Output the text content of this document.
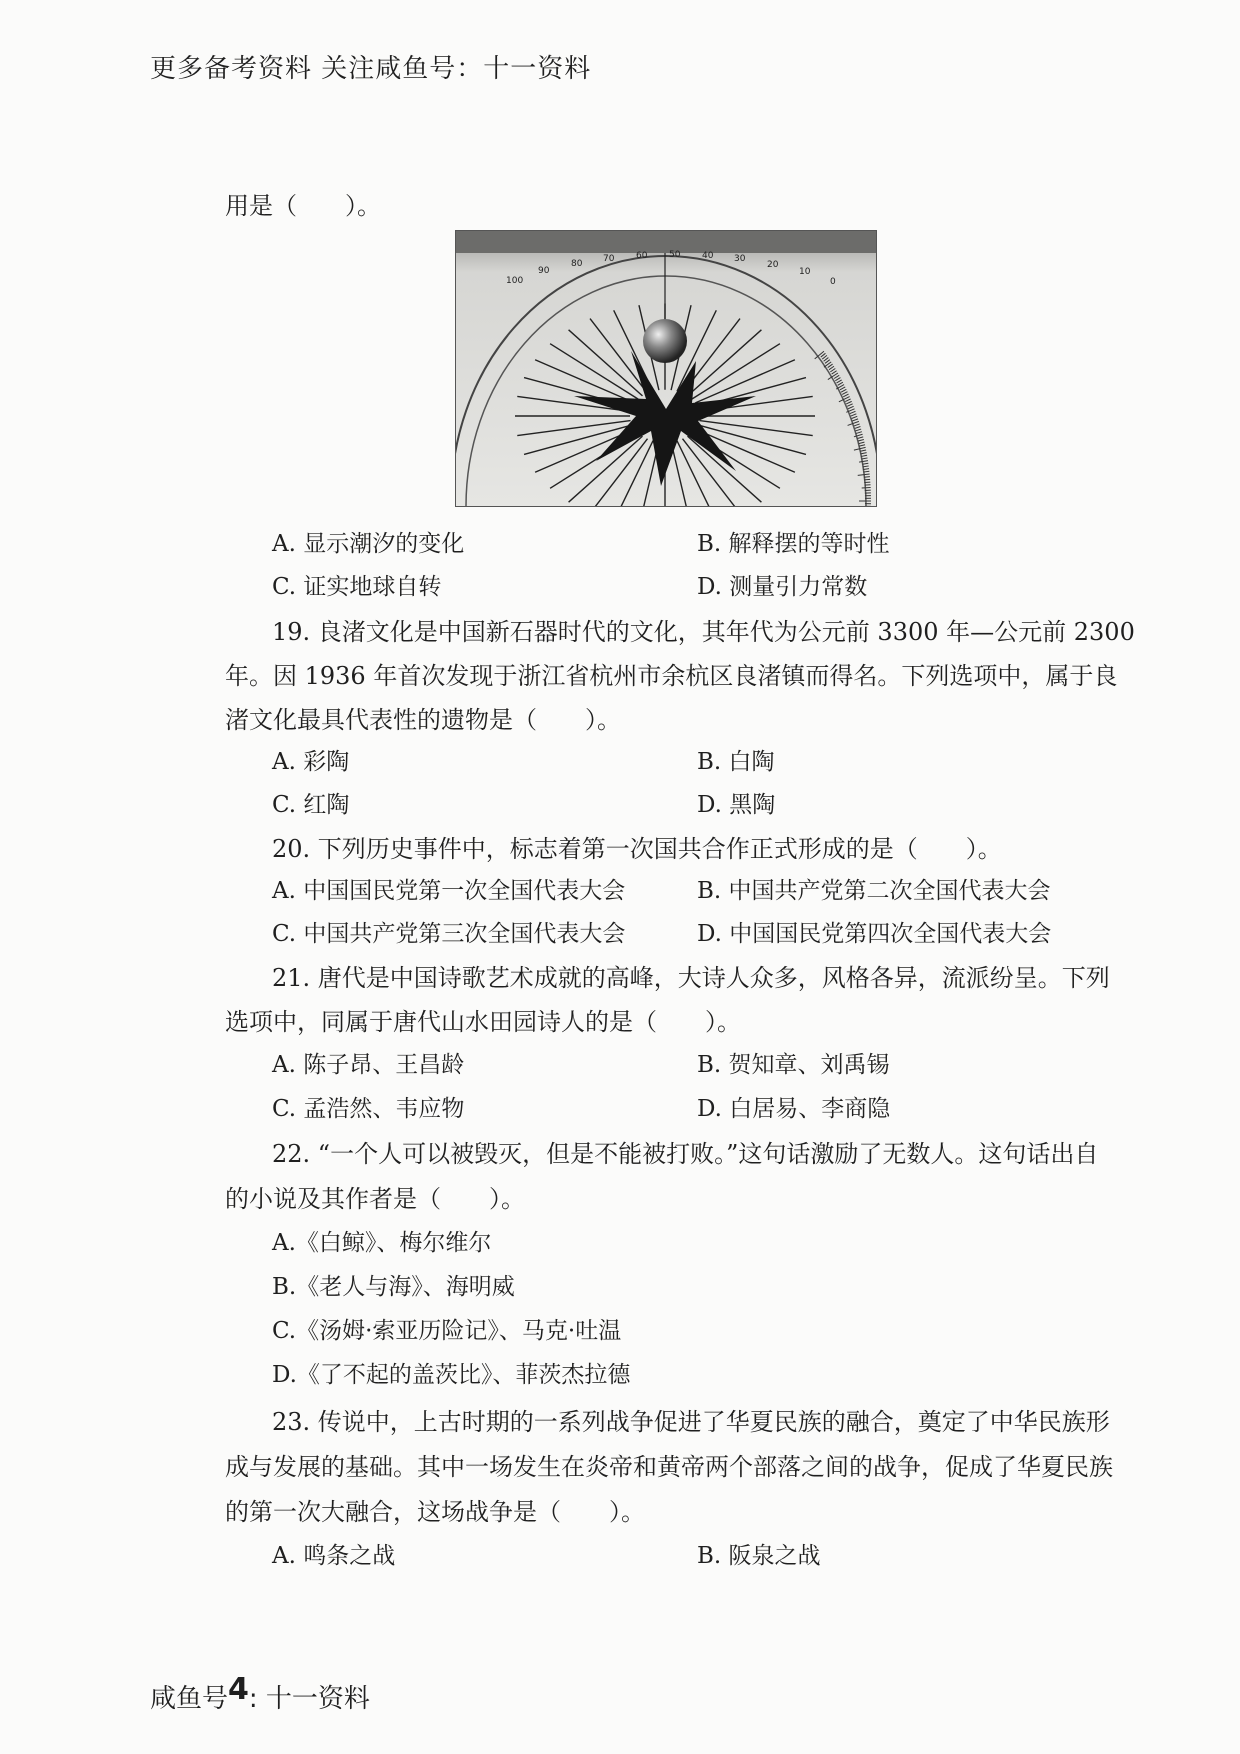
更多备考资料 关注咸鱼号：十一资料
用是（　　）。
100
90
80 70 60 50 40 30
20
10
0
A. 显示潮汐的变化	B. 解释摆的等时性
C. 证实地球自转	D. 测量引力常数
19. 良渚文化是中国新石器时代的文化，其年代为公元前 3300 年—公元前 2300
年。因 1936 年首次发现于浙江省杭州市余杭区良渚镇而得名。下列选项中，属于良
渚文化最具代表性的遗物是（　　）。
A. 彩陶	B. 白陶
C. 红陶	D. 黑陶
20. 下列历史事件中，标志着第一次国共合作正式形成的是（　　）。
A. 中国国民党第一次全国代表大会	B. 中国共产党第二次全国代表大会
C. 中国共产党第三次全国代表大会	D. 中国国民党第四次全国代表大会
21. 唐代是中国诗歌艺术成就的高峰，大诗人众多，风格各异，流派纷呈。下列
选项中，同属于唐代山水田园诗人的是（　　）。
A. 陈子昂、王昌龄	B. 贺知章、刘禹锡
C. 孟浩然、韦应物	D. 白居易、李商隐
22. “一个人可以被毁灭，但是不能被打败。”这句话激励了无数人。这句话出自
的小说及其作者是（　　）。
A.《白鲸》、梅尔维尔
B.《老人与海》、海明威
C.《汤姆·索亚历险记》、马克·吐温
D.《了不起的盖茨比》、菲茨杰拉德
23. 传说中，上古时期的一系列战争促进了华夏民族的融合，奠定了中华民族形
成与发展的基础。其中一场发生在炎帝和黄帝两个部落之间的战争，促成了华夏民族
的第一次大融合，这场战争是（　　）。
A. 鸣条之战	B. 阪泉之战
咸鱼号4: 十一资料
